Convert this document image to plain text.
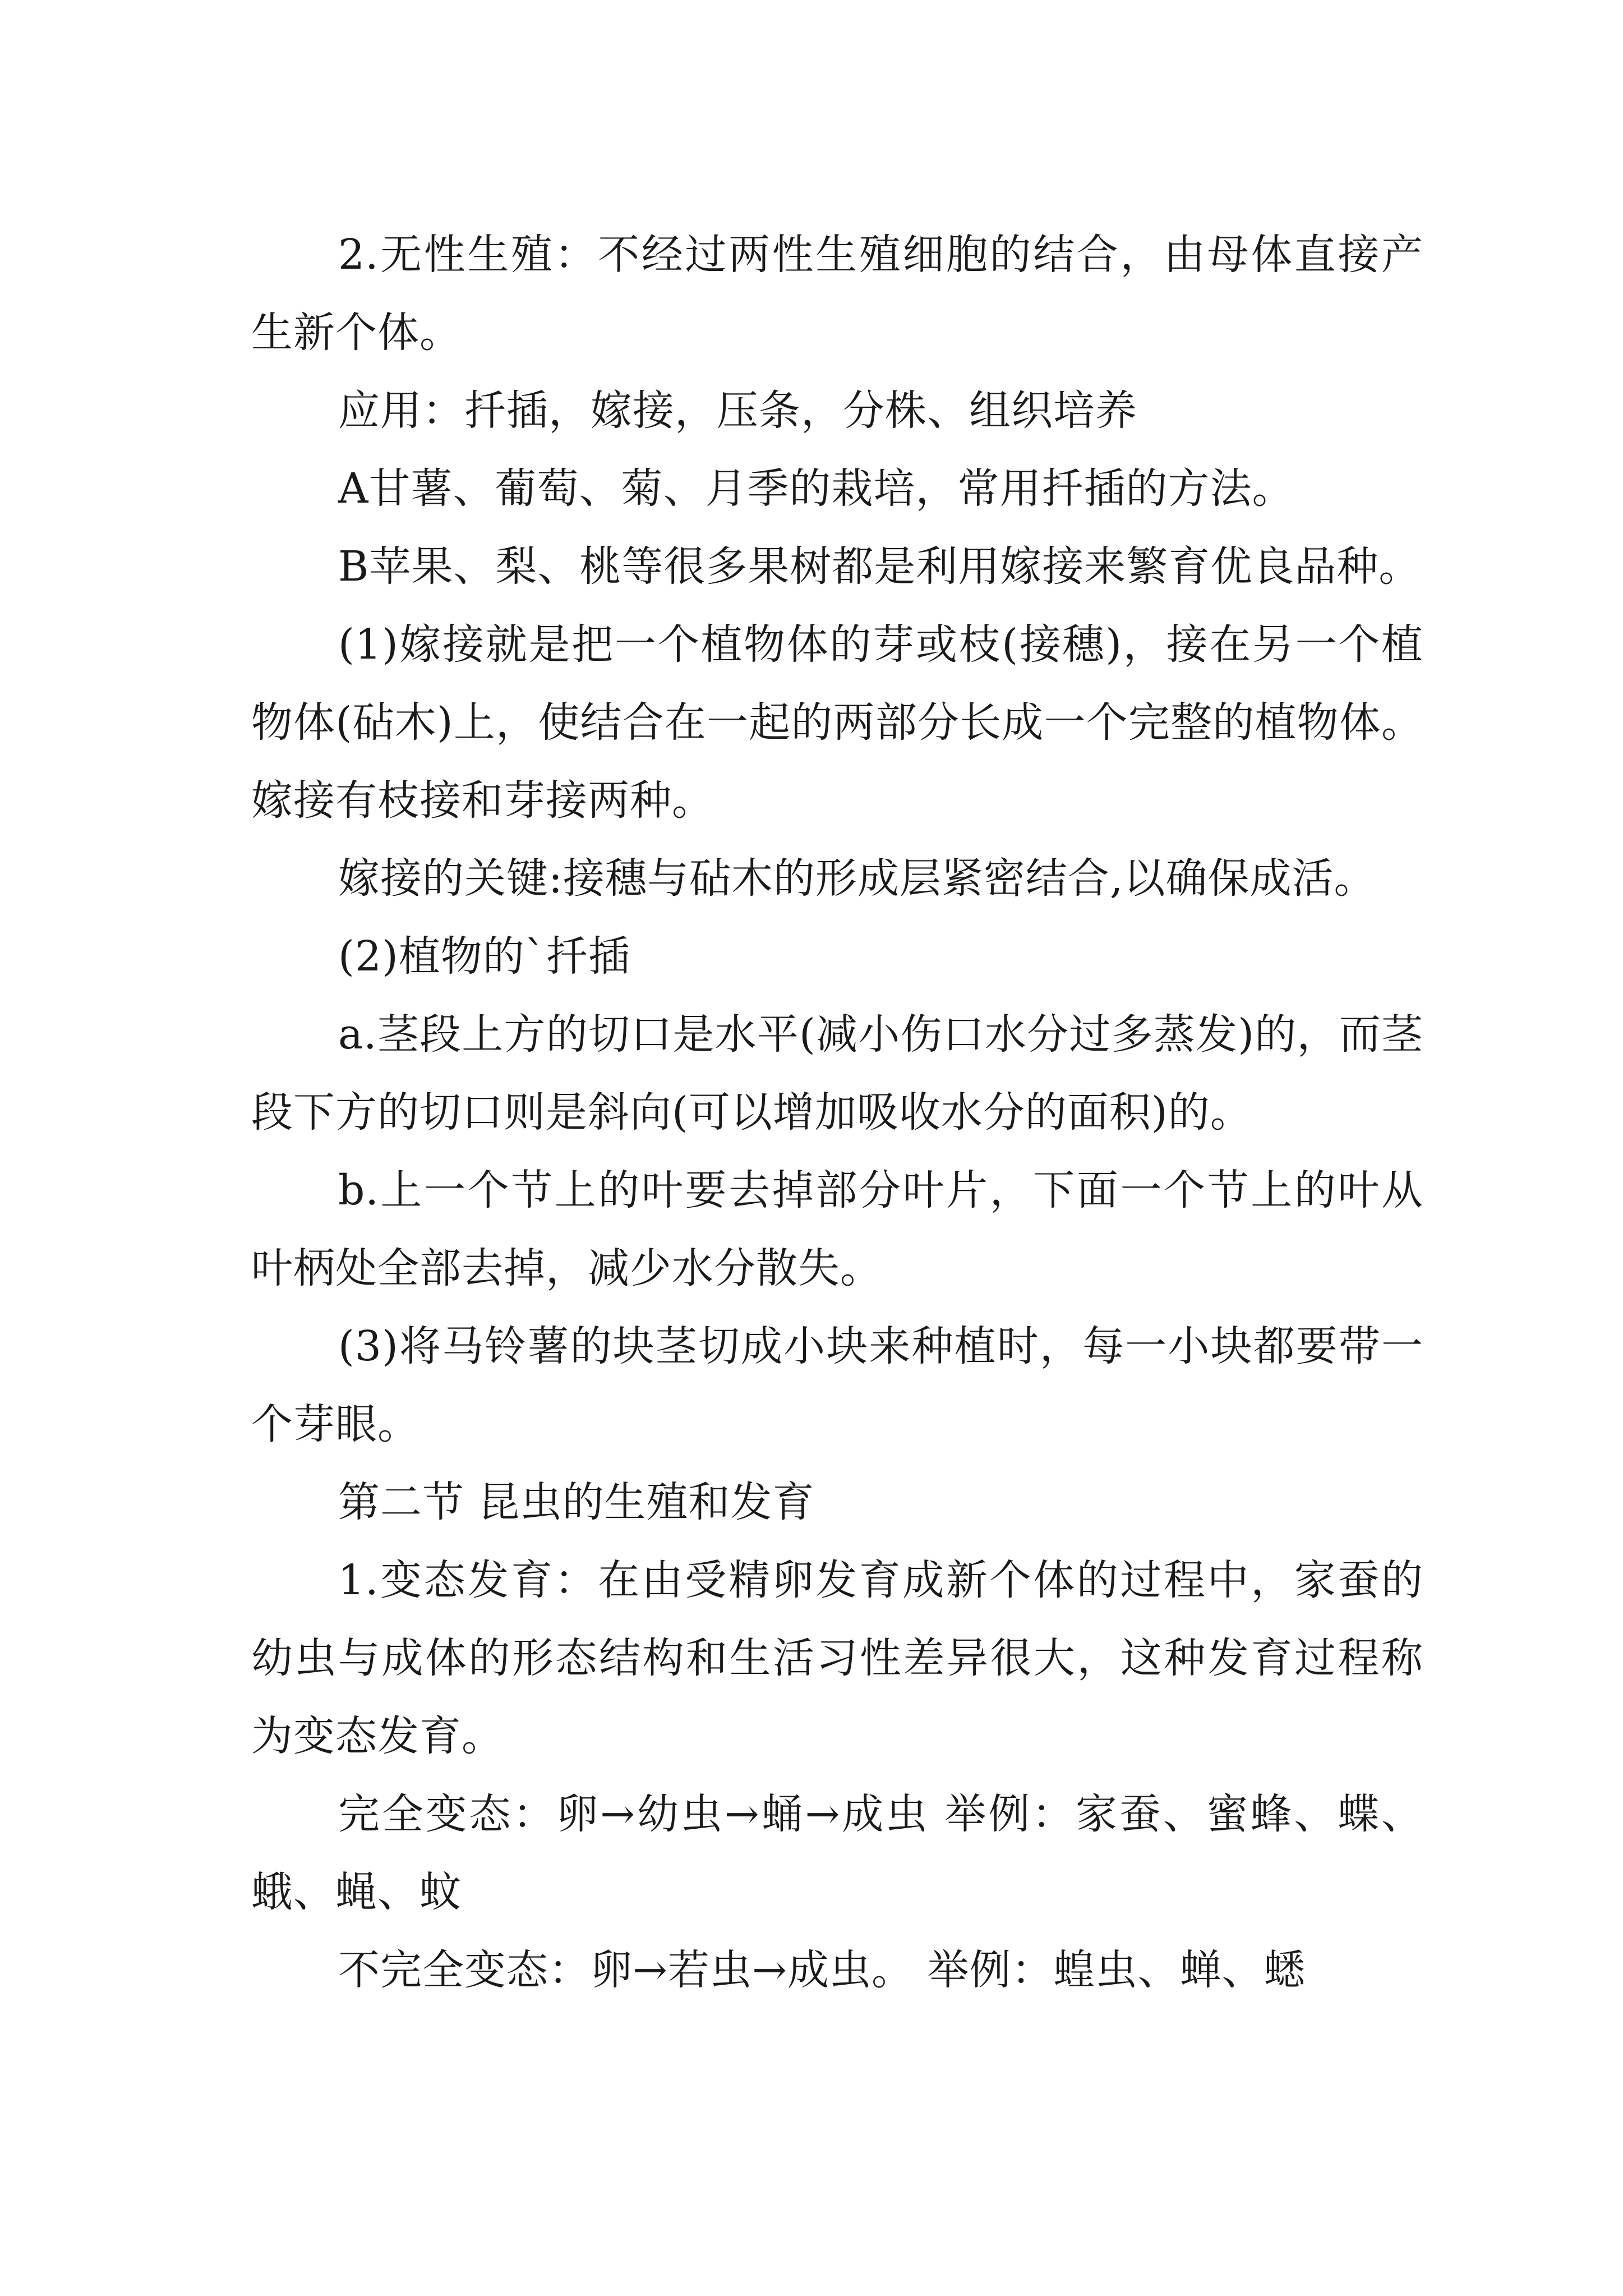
2.无性生殖：不经过两性生殖细胞的结合，由母体直接产生新个体。

应用：扦插，嫁接，压条，分株、组织培养

A甘薯、葡萄、菊、月季的栽培，常用扦插的方法。

B苹果、梨、桃等很多果树都是利用嫁接来繁育优良品种。

(1)嫁接就是把一个植物体的芽或枝(接穗)，接在另一个植物体(砧木)上，使结合在一起的两部分长成一个完整的植物体。嫁接有枝接和芽接两种。

嫁接的关键:接穗与砧木的形成层紧密结合,以确保成活。

(2)植物的`扦插

a.茎段上方的切口是水平(减小伤口水分过多蒸发)的，而茎段下方的切口则是斜向(可以增加吸收水分的面积)的。

b.上一个节上的叶要去掉部分叶片，下面一个节上的叶从叶柄处全部去掉，减少水分散失。

(3)将马铃薯的块茎切成小块来种植时，每一小块都要带一个芽眼。

第二节 昆虫的生殖和发育

1.变态发育：在由受精卵发育成新个体的过程中，家蚕的幼虫与成体的形态结构和生活习性差异很大，这种发育过程称为变态发育。

完全变态：卵→幼虫→蛹→成虫 举例：家蚕、蜜蜂、蝶、蛾、蝇、蚊

不完全变态：卵→若虫→成虫。 举例：蝗虫、蝉、蟋
